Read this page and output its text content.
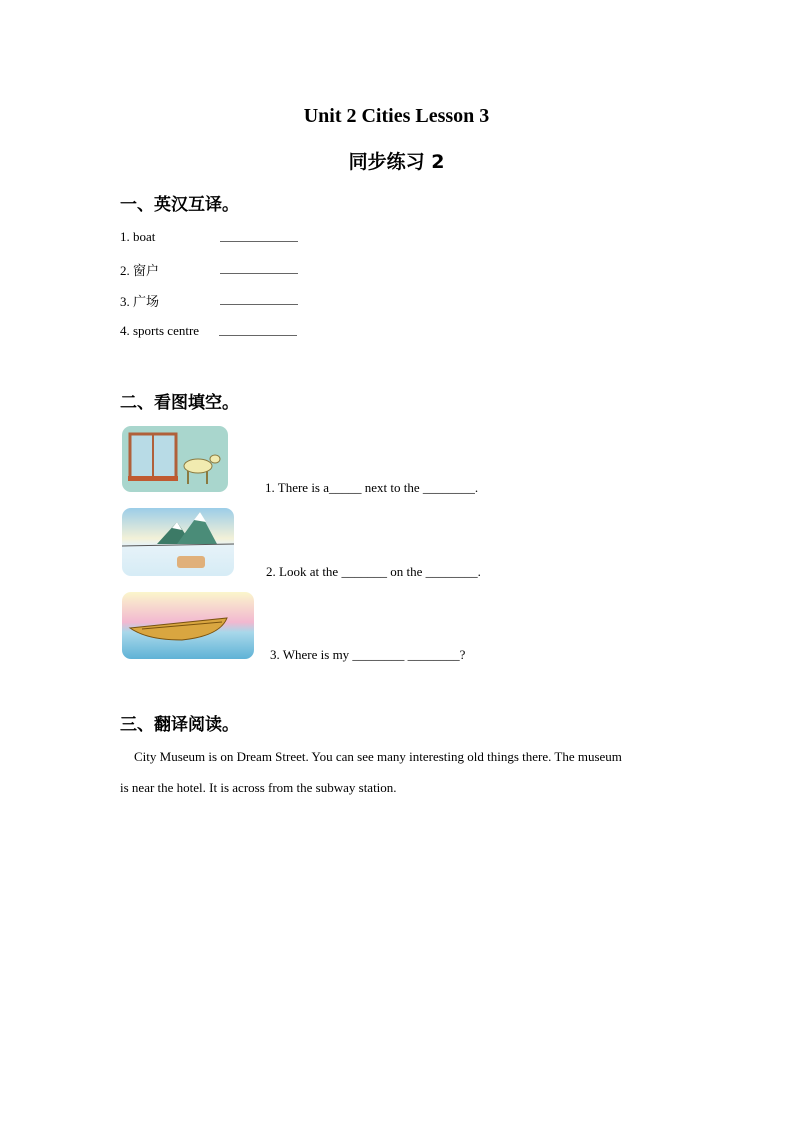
Unit 2 Cities Lesson 3
同步练习 2
一、英汉互译。
1. boat
2. 窗户
3. 广场
4. sports centre
二、看图填空。
1. There is a_____ next to the ________.
2. Look at the _______ on the ________.
3. Where is my ________ ________?
三、翻译阅读。
City Museum is on Dream Street. You can see many interesting old things there. The museum
is near the hotel. It is across from the subway station.
